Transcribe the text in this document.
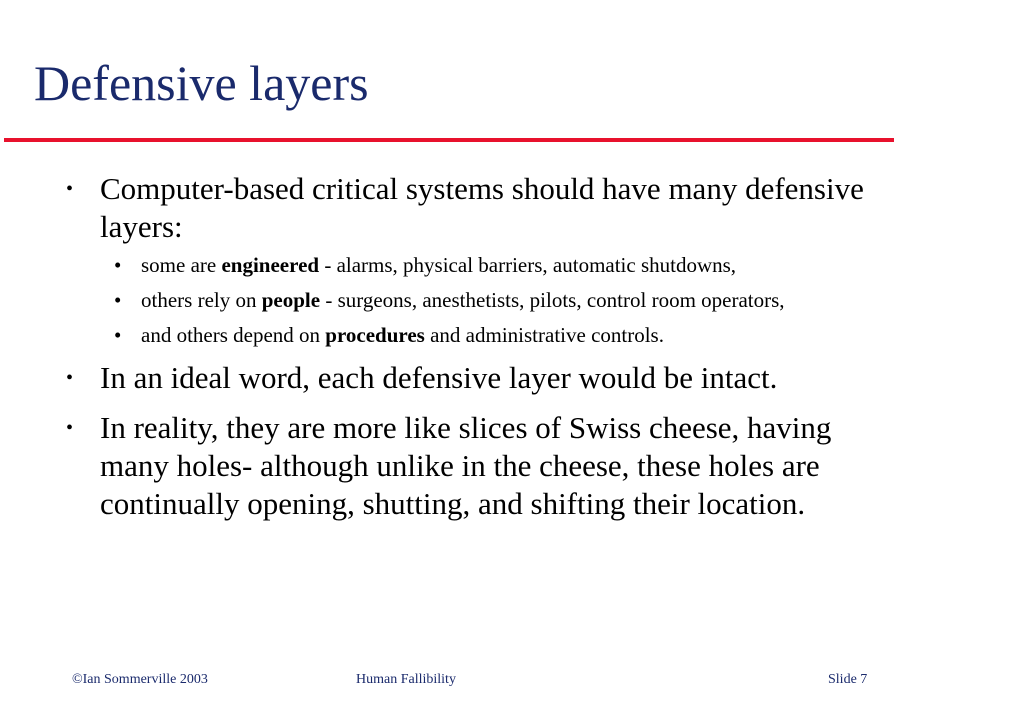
Defensive layers
• Computer-based critical systems should have many defensive layers:
• some are engineered - alarms, physical barriers, automatic shutdowns,
• others rely on people - surgeons, anesthetists, pilots, control room operators,
• and others depend on procedures and administrative controls.
• In an ideal word, each defensive layer would be intact.
• In reality, they are more like slices of Swiss cheese, having many holes- although unlike in the cheese, these holes are continually opening, shutting, and shifting their location.
©Ian Sommerville 2003	Human Fallibility	Slide 7
